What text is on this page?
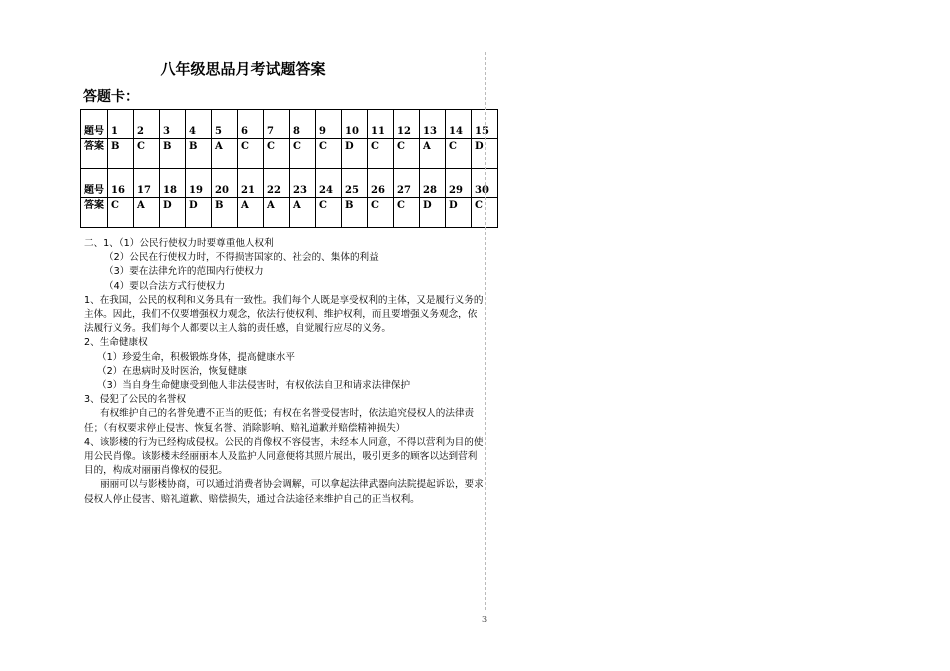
八年级思品月考试题答案
答题卡：
题号	1	2	3	4	5	6	7	8	9	10	11	12	13	14	15
答案	B	C	B	B	A	C	C	C	C	D	C	C	A	C	D
题号	16	17	18	19	20	21	22	23	24	25	26	27	28	29	30
答案	C	A	D	D	B	A	A	A	C	B	C	C	D	D	C

二、1、（1）公民行使权力时要尊重他人权利

（2）公民在行使权力时，不得损害国家的、社会的、集体的利益

（3）要在法律允许的范围内行使权力

（4）要以合法方式行使权力

1、在我国，公民的权利和义务具有一致性。我们每个人既是享受权利的主体，又是履行义务的主体。因此，我们不仅要增强权力观念，依法行使权利、维护权利，而且要增强义务观念，依法履行义务。我们每个人都要以主人翁的责任感，自觉履行应尽的义务。

2、生命健康权

（1）珍爱生命，积极锻炼身体，提高健康水平

（2）在患病时及时医治，恢复健康

（3）当自身生命健康受到他人非法侵害时，有权依法自卫和请求法律保护

3、侵犯了公民的名誉权

有权维护自己的名誉免遭不正当的贬低；有权在名誉受侵害时，依法追究侵权人的法律责任；（有权要求停止侵害、恢复名誉、消除影响、赔礼道歉并赔偿精神损失）

4、该影楼的行为已经构成侵权。公民的肖像权不容侵害，未经本人同意，不得以营利为目的使用公民肖像。该影楼未经丽丽本人及监护人同意便将其照片展出，吸引更多的顾客以达到营利目的，构成对丽丽肖像权的侵犯。

丽丽可以与影楼协商，可以通过消费者协会调解，可以拿起法律武器向法院提起诉讼，要求侵权人停止侵害、赔礼道歉、赔偿损失，通过合法途径来维护自己的正当权利。

3
